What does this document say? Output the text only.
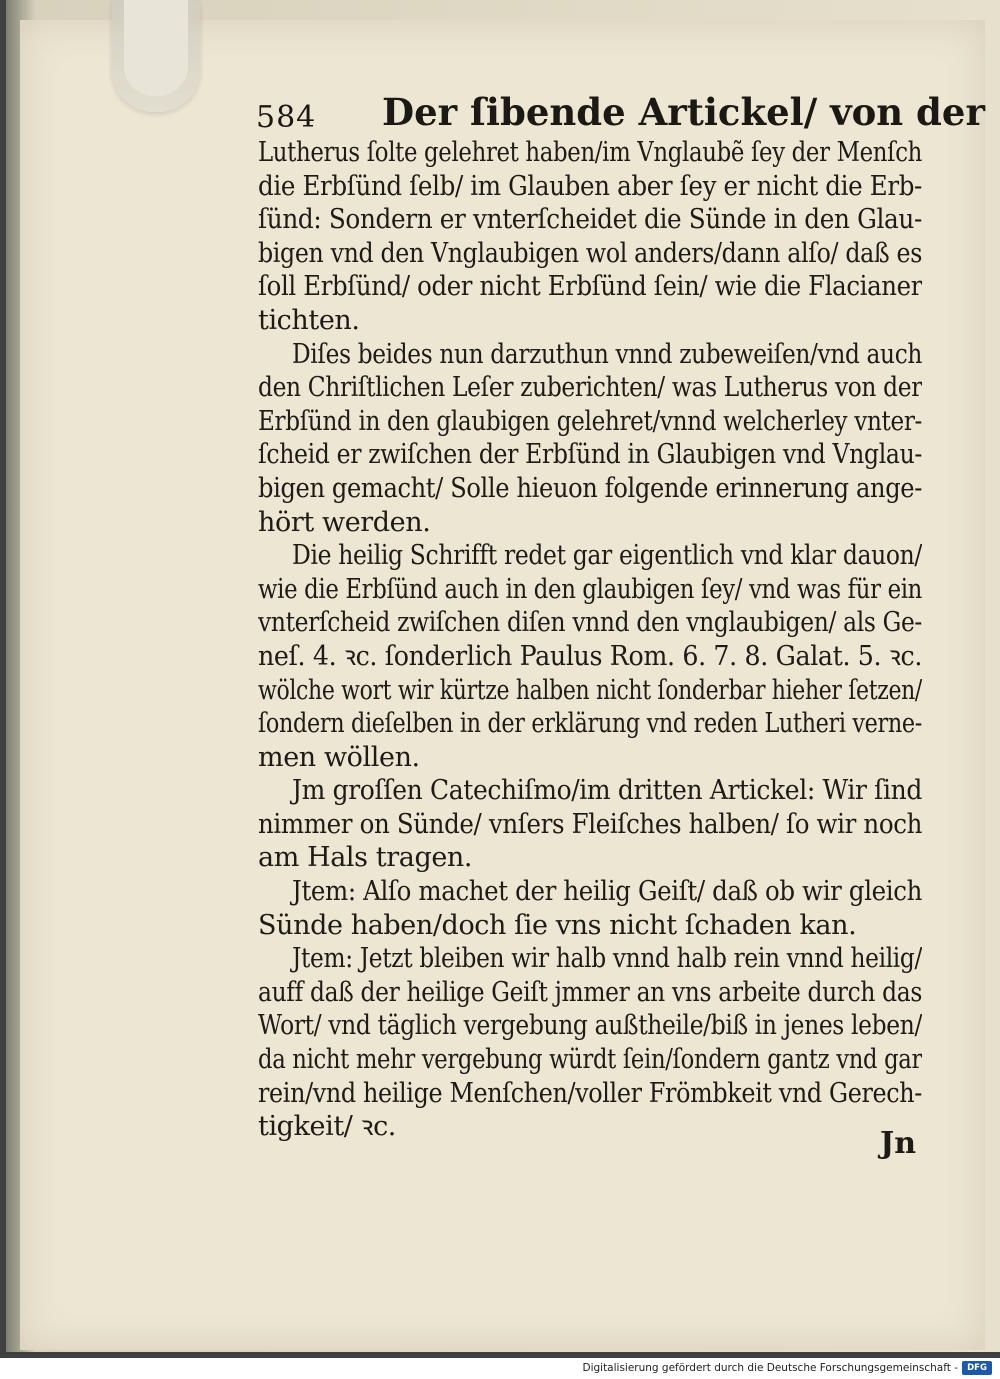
584 Der ſibende Artickel/ von der
Lutherus ſolte gelehret haben/im Vnglaubẽ ſey der Menſch
die Erbſünd ſelb/ im Glauben aber ſey er nicht die Erb-
ſünd: Sondern er vnterſcheidet die Sünde in den Glau-
bigen vnd den Vnglaubigen wol anders/dann alſo/ daß es
ſoll Erbſünd/ oder nicht Erbſünd ſein/ wie die Flacianer
tichten.
Diſes beides nun darzuthun vnnd zubeweiſen/vnd auch
den Chriſtlichen Leſer zuberichten/ was Lutherus von der
Erbſünd in den glaubigen gelehret/vnnd welcherley vnter-
ſcheid er zwiſchen der Erbſünd in Glaubigen vnd Vnglau-
bigen gemacht/ Solle hieuon folgende erinnerung ange-
hört werden.
Die heilig Schrifft redet gar eigentlich vnd klar dauon/
wie die Erbſünd auch in den glaubigen ſey/ vnd was für ein
vnterſcheid zwiſchen diſen vnnd den vnglaubigen/ als Ge-
neſ. 4. ꝛc. ſonderlich Paulus Rom. 6. 7. 8. Galat. 5. ꝛc.
wölche wort wir kürtze halben nicht ſonderbar hieher ſetzen/
ſondern dieſelben in der erklärung vnd reden Lutheri verne-
men wöllen.
Jm groſſen Catechiſmo/im dritten Artickel: Wir ſind
nimmer on Sünde/ vnſers Fleiſches halben/ ſo wir noch
am Hals tragen.
Jtem: Alſo machet der heilig Geiſt/ daß ob wir gleich
Sünde haben/doch ſie vns nicht ſchaden kan.
Jtem: Jetzt bleiben wir halb vnnd halb rein vnnd heilig/
auff daß der heilige Geiſt jmmer an vns arbeite durch das
Wort/ vnd täglich vergebung außtheile/biß in jenes leben/
da nicht mehr vergebung würdt ſein/ſondern gantz vnd gar
rein/vnd heilige Menſchen/voller Frömbkeit vnd Gerech-
tigkeit/ ꝛc.	Jn
Digitalisierung gefördert durch die Deutsche Forschungsgemeinschaft -	DFG
